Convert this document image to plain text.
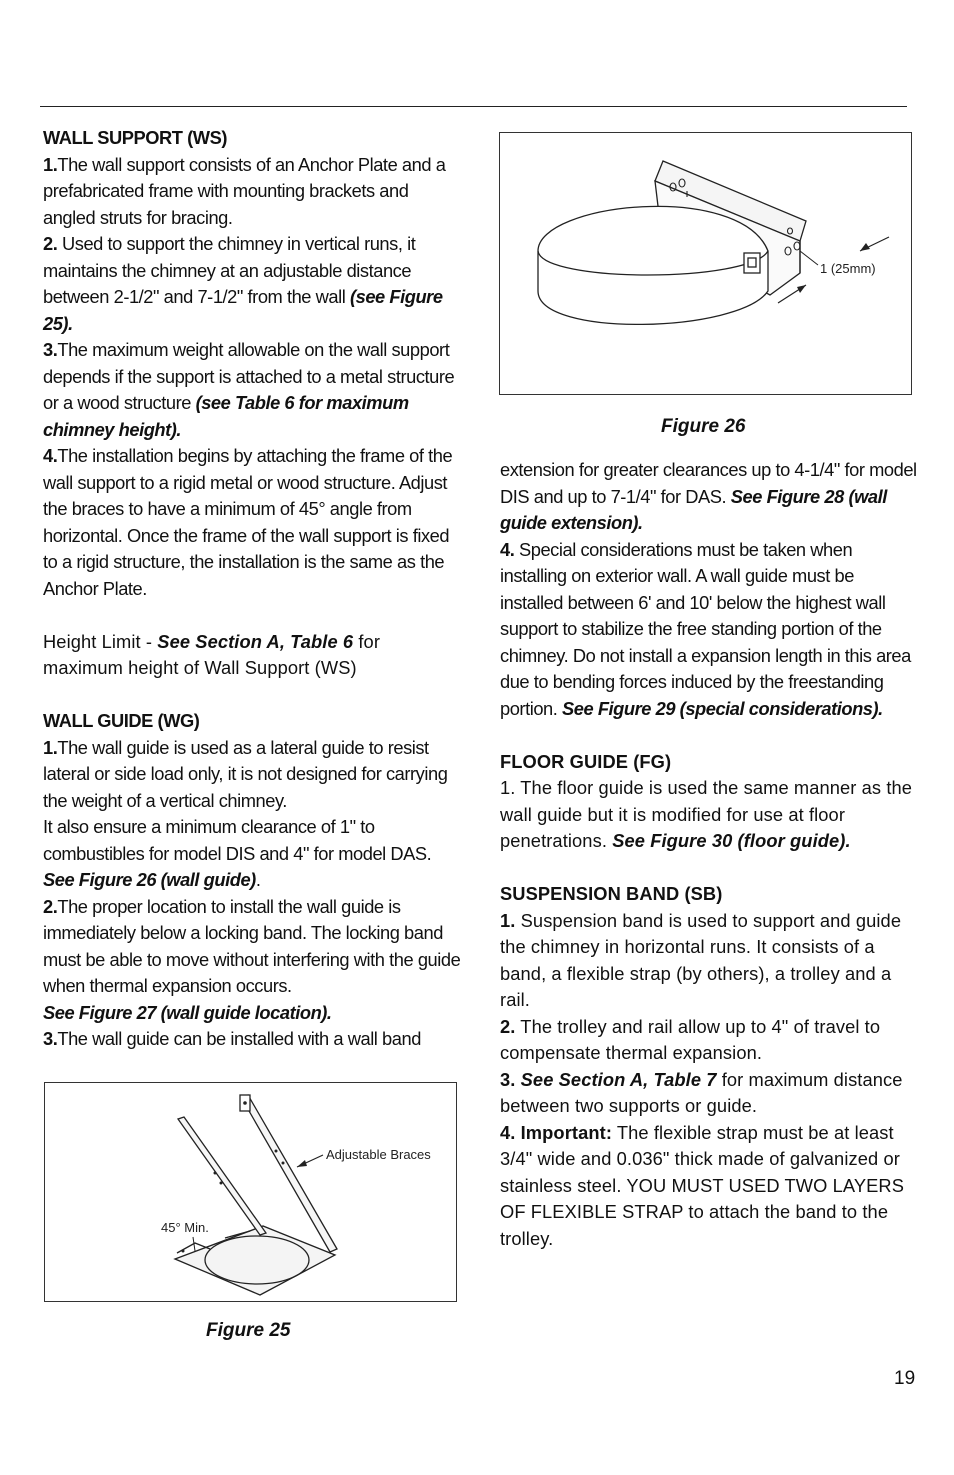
WALL SUPPORT (WS)

1.The wall support consists of an Anchor Plate and a prefabricated frame with mounting brackets and angled struts for bracing.

2. Used to support the chimney in vertical runs, it maintains the chimney at an adjustable distance between 2-1/2" and 7-1/2" from the wall (see Figure 25).

3.The maximum weight allowable on the wall support depends if the support is attached to a metal structure or a wood structure (see Table 6 for maximum chimney height).

4.The installation begins by attaching the frame of the wall support to a rigid metal or wood structure. Adjust the braces to have a minimum of 45° angle from horizontal. Once the frame of the wall support is fixed to a rigid structure, the installation is the same as the Anchor Plate.

Height Limit - See Section A, Table 6 for maximum height of Wall Support (WS)

WALL GUIDE (WG)

1.The wall guide is used as a lateral guide to resist lateral or side load only, it is not designed for carrying the weight of a vertical chimney.

It also ensure a minimum clearance of 1" to combustibles for model DIS and 4" for model DAS.
See Figure 26 (wall guide).

2.The proper location to install the wall guide is immediately below a locking band. The locking band must be able to move without interfering with the guide when thermal expansion occurs.
See Figure 27 (wall guide location).

3.The wall guide can be installed with a wall band

Adjustable Braces
45° Min.
Figure 25
1 (25mm)
Figure 26

extension for greater clearances up to 4-1/4" for model DIS and up to 7-1/4" for DAS. See Figure 28 (wall guide extension).

4. Special considerations must be taken when installing on exterior wall. A wall guide must be installed between 6' and 10' below the highest wall support to stabilize the free standing portion of the chimney. Do not install a expansion length in this area due to bending forces induced by the freestanding portion. See Figure 29 (special considerations).

FLOOR GUIDE (FG)

1. The floor guide is used the same manner as the wall guide but it is modified for use at floor penetrations. See Figure 30 (floor guide).

SUSPENSION BAND (SB)

1. Suspension band is used to support and guide the chimney in horizontal runs. It consists of a band, a flexible strap (by others), a trolley and a rail.

2. The trolley and rail allow up to 4" of travel to compensate thermal expansion.

3. See Section A, Table 7 for maximum distance between two supports or guide.

4. Important: The flexible strap must be at least 3/4" wide and 0.036" thick made of galvanized or stainless steel. YOU MUST USED TWO LAYERS OF FLEXIBLE STRAP to attach the band to the trolley.

19
